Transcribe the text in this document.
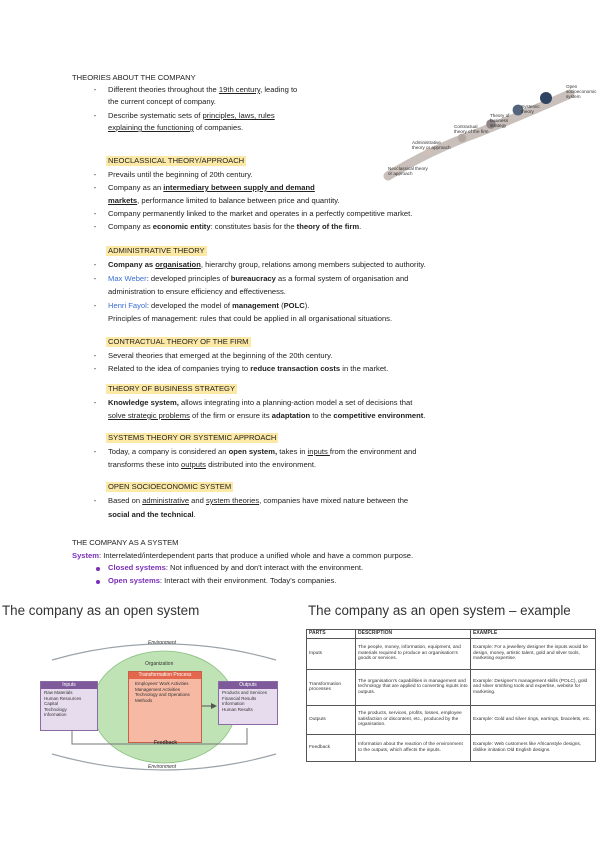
THEORIES ABOUT THE COMPANY
- Different theories throughout the 19th century, leading to
the current concept of company.
- Describe systematic sets of principles, laws, rules
explaining the functioning of companies.
Neoclassical theory or approach
Administrative theory or approach
Contractual theory of the firm
Theory of business strategy
Systemic theory
Open socioeconomic system
NEOCLASSICAL THEORY/APPROACH
- Prevails until the beginning of 20th century.
- Company as an intermediary between supply and demand
markets, performance limited to balance between price and quantity.
- Company permanently linked to the market and operates in a perfectly competitive market.
- Company as economic entity: constitutes basis for the theory of the firm.
ADMINISTRATIVE THEORY
- Company as organisation, hierarchy group, relations among members subjected to authority.
- Max Weber: developed principles of bureaucracy as a formal system of organisation and
administration to ensure efficiency and effectiveness.
- Henri Fayol: developed the model of management (POLC).
Principles of management: rules that could be applied in all organisational situations.
CONTRACTUAL THEORY OF THE FIRM
- Several theories that emerged at the beginning of the 20th century.
- Related to the idea of companies trying to reduce transaction costs in the market.
THEORY OF BUSINESS STRATEGY
- Knowledge system, allows integrating into a planning-action model a set of decisions that
solve strategic problems of the firm or ensure its adaptation to the competitive environment.
SYSTEMS THEORY OR SYSTEMIC APPROACH
- Today, a company is considered an open system, takes in inputs from the environment and
transforms these into outputs distributed into the environment.
OPEN SOCIOECONOMIC SYSTEM
- Based on administrative and system theories, companies have mixed nature between the
social and the technical.
THE COMPANY AS A SYSTEM
System: Interrelated/interdependent parts that produce a unified whole and have a common purpose.
Closed systems: Not influenced by and don't interact with the environment.
Open systems: Interact with their environment. Today's companies.
The company as an open system
Environment
Environment
Organization
Transformation Process
Employees' Work Activities
Management Activities
Technology and Operations Methods
Inputs
Raw Materials
Human Resources
Capital
Technology
Information
Outputs
Products and Services
Financial Results
Information
Human Results
Feedback
The company as an open system – example
PARTS	DESCRIPTION	EXAMPLE
Inputs	The people, money, information, equipment, and materials required to produce an organisation's goods or services.	Example: For a jewellery designer the inputs would be design, money, artistic talent, gold and silver tools, marketing expertise.
Transformation processes	The organisation's capabilities in management and technology that are applied to converting inputs into outputs.	Example: Designer's management skills (POLC), gold and silver smithing tools and expertise, website for marketing.
Outputs	The products, services, profits, losses, employee satisfaction or discontent, etc., produced by the organisation.	Example: Gold and silver rings, earrings, bracelets, etc.
Feedback	Information about the reaction of the environment to the outputs, which affects the inputs.	Example: Web customers like Africanstyle designs, dislike imitation Old English designs.
